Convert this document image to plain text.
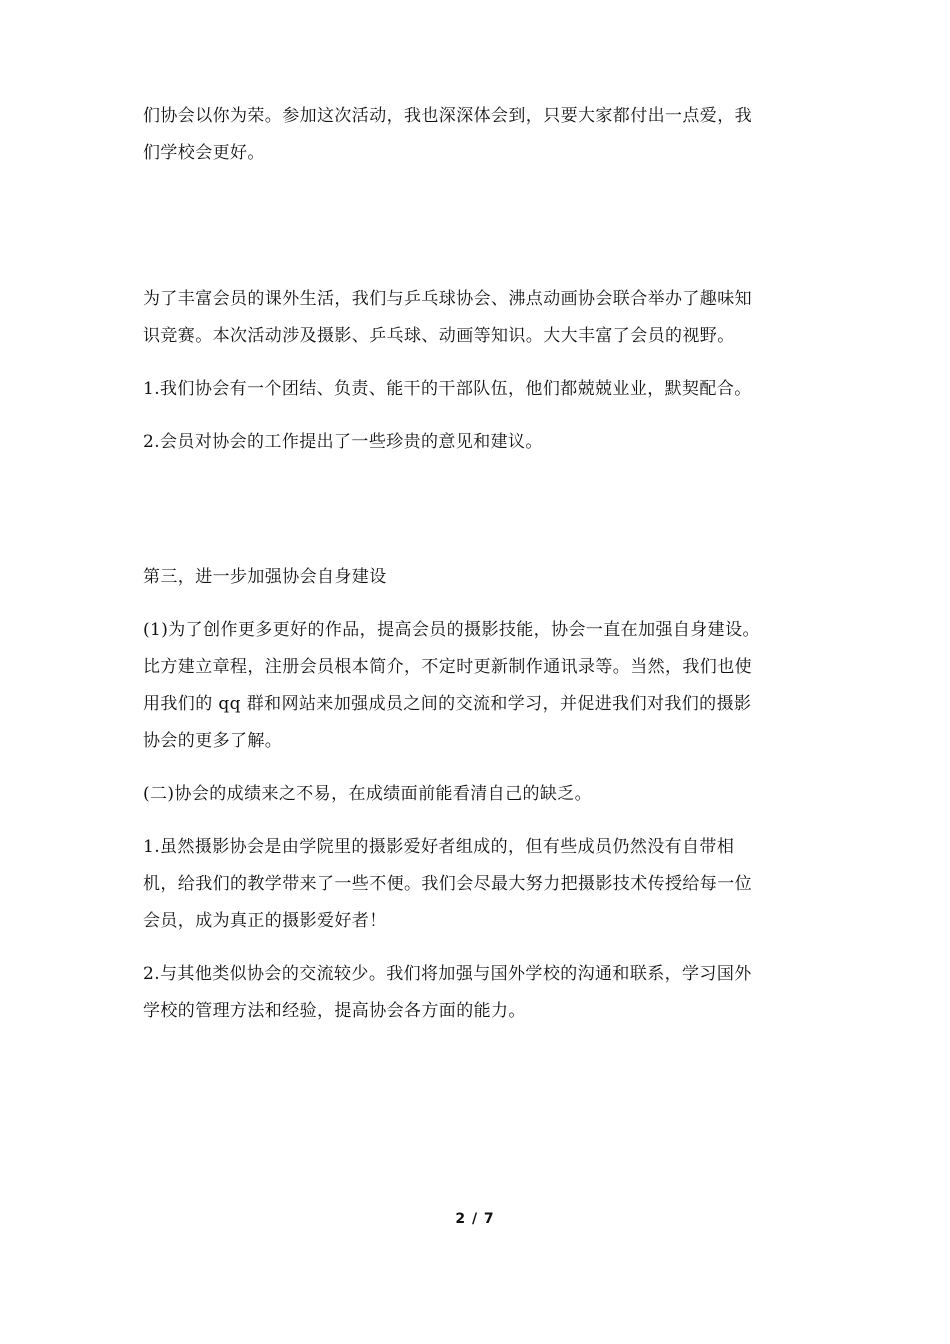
们协会以你为荣。参加这次活动，我也深深体会到，只要大家都付出一点爱，我
们学校会更好。

为了丰富会员的课外生活，我们与乒乓球协会、沸点动画协会联合举办了趣味知
识竞赛。本次活动涉及摄影、乒乓球、动画等知识。大大丰富了会员的视野。

1.我们协会有一个团结、负责、能干的干部队伍，他们都兢兢业业，默契配合。

2.会员对协会的工作提出了一些珍贵的意见和建议。

第三，进一步加强协会自身建设

(1)为了创作更多更好的作品，提高会员的摄影技能，协会一直在加强自身建设。
比方建立章程，注册会员根本简介，不定时更新制作通讯录等。当然，我们也使
用我们的 qq 群和网站来加强成员之间的交流和学习，并促进我们对我们的摄影
协会的更多了解。

(二)协会的成绩来之不易，在成绩面前能看清自己的缺乏。

1.虽然摄影协会是由学院里的摄影爱好者组成的，但有些成员仍然没有自带相
机，给我们的教学带来了一些不便。我们会尽最大努力把摄影技术传授给每一位
会员，成为真正的摄影爱好者！

2.与其他类似协会的交流较少。我们将加强与国外学校的沟通和联系，学习国外
学校的管理方法和经验，提高协会各方面的能力。

2 / 7
